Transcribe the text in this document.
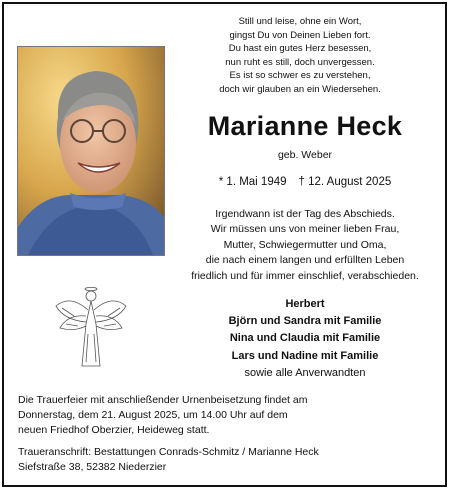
Still und leise, ohne ein Wort,
gingst Du von Deinen Lieben fort.
Du hast ein gutes Herz besessen,
nun ruht es still, doch unvergessen.
Es ist so schwer es zu verstehen,
doch wir glauben an ein Wiedersehen.
Marianne Heck
geb. Weber
* 1. Mai 1949 † 12. August 2025
Irgendwann ist der Tag des Abschieds.
Wir müssen uns von meiner lieben Frau,
Mutter, Schwiegermutter und Oma,
die nach einem langen und erfüllten Leben
friedlich und für immer einschlief, verabschieden.
Herbert
Björn und Sandra mit Familie
Nina und Claudia mit Familie
Lars und Nadine mit Familie
sowie alle Anverwandten
Die Trauerfeier mit anschließender Urnenbeisetzung findet am
Donnerstag, dem 21. August 2025, um 14.00 Uhr auf dem
neuen Friedhof Oberzier, Heideweg statt.
Traueranschrift: Bestattungen Conrads-Schmitz / Marianne Heck
Siefstraße 38, 52382 Niederzier
